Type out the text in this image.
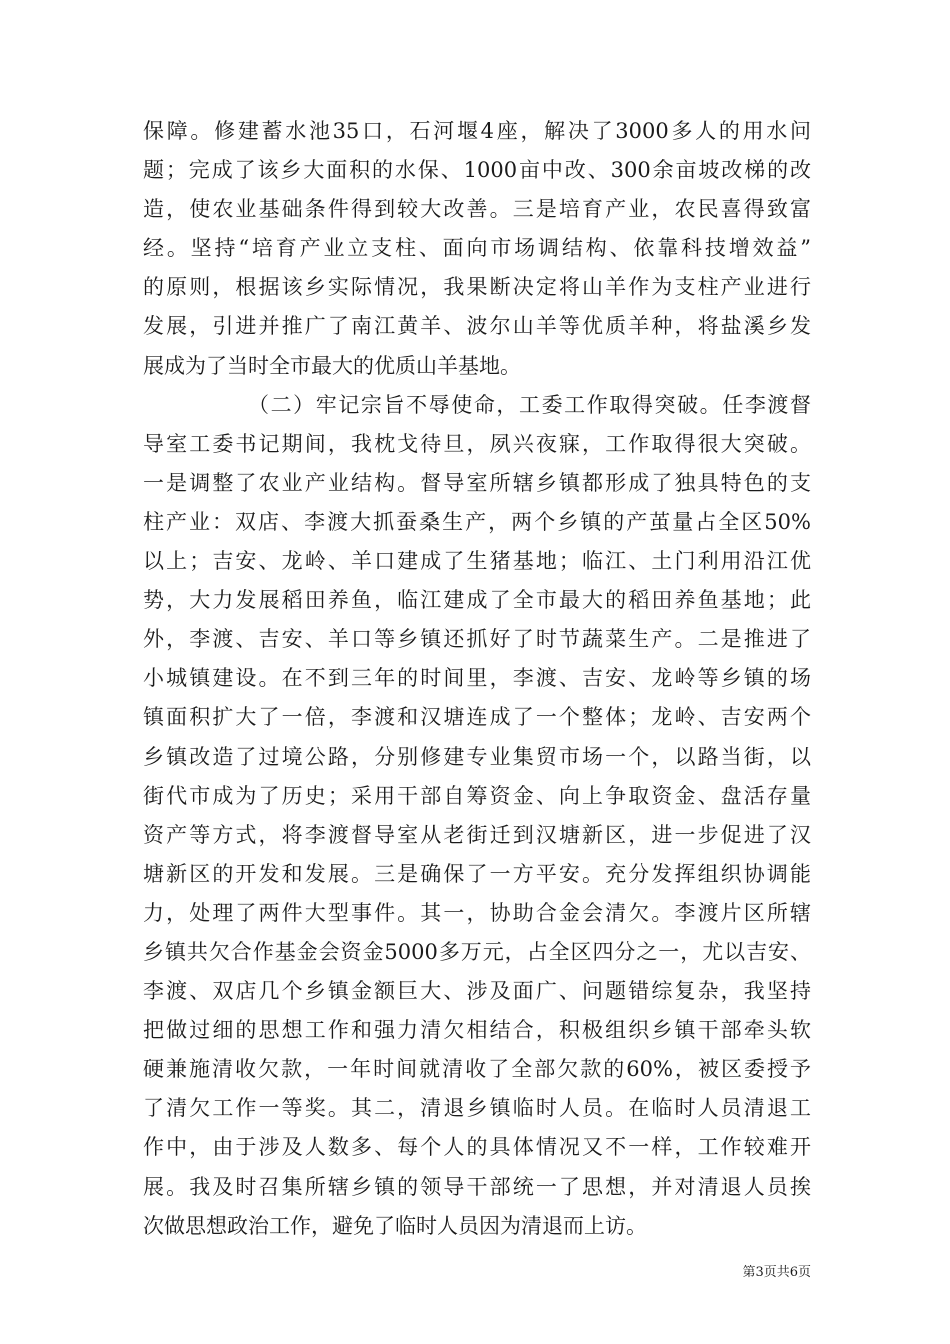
保障。修建蓄水池35口，石河堰4座，解决了3000多人的用水问
题；完成了该乡大面积的水保、1000亩中改、300余亩坡改梯的改
造，使农业基础条件得到较大改善。三是培育产业，农民喜得致富
经。坚持“培育产业立支柱、面向市场调结构、依靠科技增效益”
的原则，根据该乡实际情况，我果断决定将山羊作为支柱产业进行
发展，引进并推广了南江黄羊、波尔山羊等优质羊种，将盐溪乡发
展成为了当时全市最大的优质山羊基地。
（二）牢记宗旨不辱使命，工委工作取得突破。任李渡督
导室工委书记期间，我枕戈待旦，夙兴夜寐，工作取得很大突破。
一是调整了农业产业结构。督导室所辖乡镇都形成了独具特色的支
柱产业：双店、李渡大抓蚕桑生产，两个乡镇的产茧量占全区50%
以上；吉安、龙岭、羊口建成了生猪基地；临江、土门利用沿江优
势，大力发展稻田养鱼，临江建成了全市最大的稻田养鱼基地；此
外，李渡、吉安、羊口等乡镇还抓好了时节蔬菜生产。二是推进了
小城镇建设。在不到三年的时间里，李渡、吉安、龙岭等乡镇的场
镇面积扩大了一倍，李渡和汉塘连成了一个整体；龙岭、吉安两个
乡镇改造了过境公路，分别修建专业集贸市场一个，以路当街，以
街代市成为了历史；采用干部自筹资金、向上争取资金、盘活存量
资产等方式，将李渡督导室从老街迁到汉塘新区，进一步促进了汉
塘新区的开发和发展。三是确保了一方平安。充分发挥组织协调能
力，处理了两件大型事件。其一，协助合金会清欠。李渡片区所辖
乡镇共欠合作基金会资金5000多万元，占全区四分之一，尤以吉安、
李渡、双店几个乡镇金额巨大、涉及面广、问题错综复杂，我坚持
把做过细的思想工作和强力清欠相结合，积极组织乡镇干部牵头软
硬兼施清收欠款，一年时间就清收了全部欠款的60%，被区委授予
了清欠工作一等奖。其二，清退乡镇临时人员。在临时人员清退工
作中，由于涉及人数多、每个人的具体情况又不一样，工作较难开
展。我及时召集所辖乡镇的领导干部统一了思想，并对清退人员挨
次做思想政治工作，避免了临时人员因为清退而上访。
第3页共6页
